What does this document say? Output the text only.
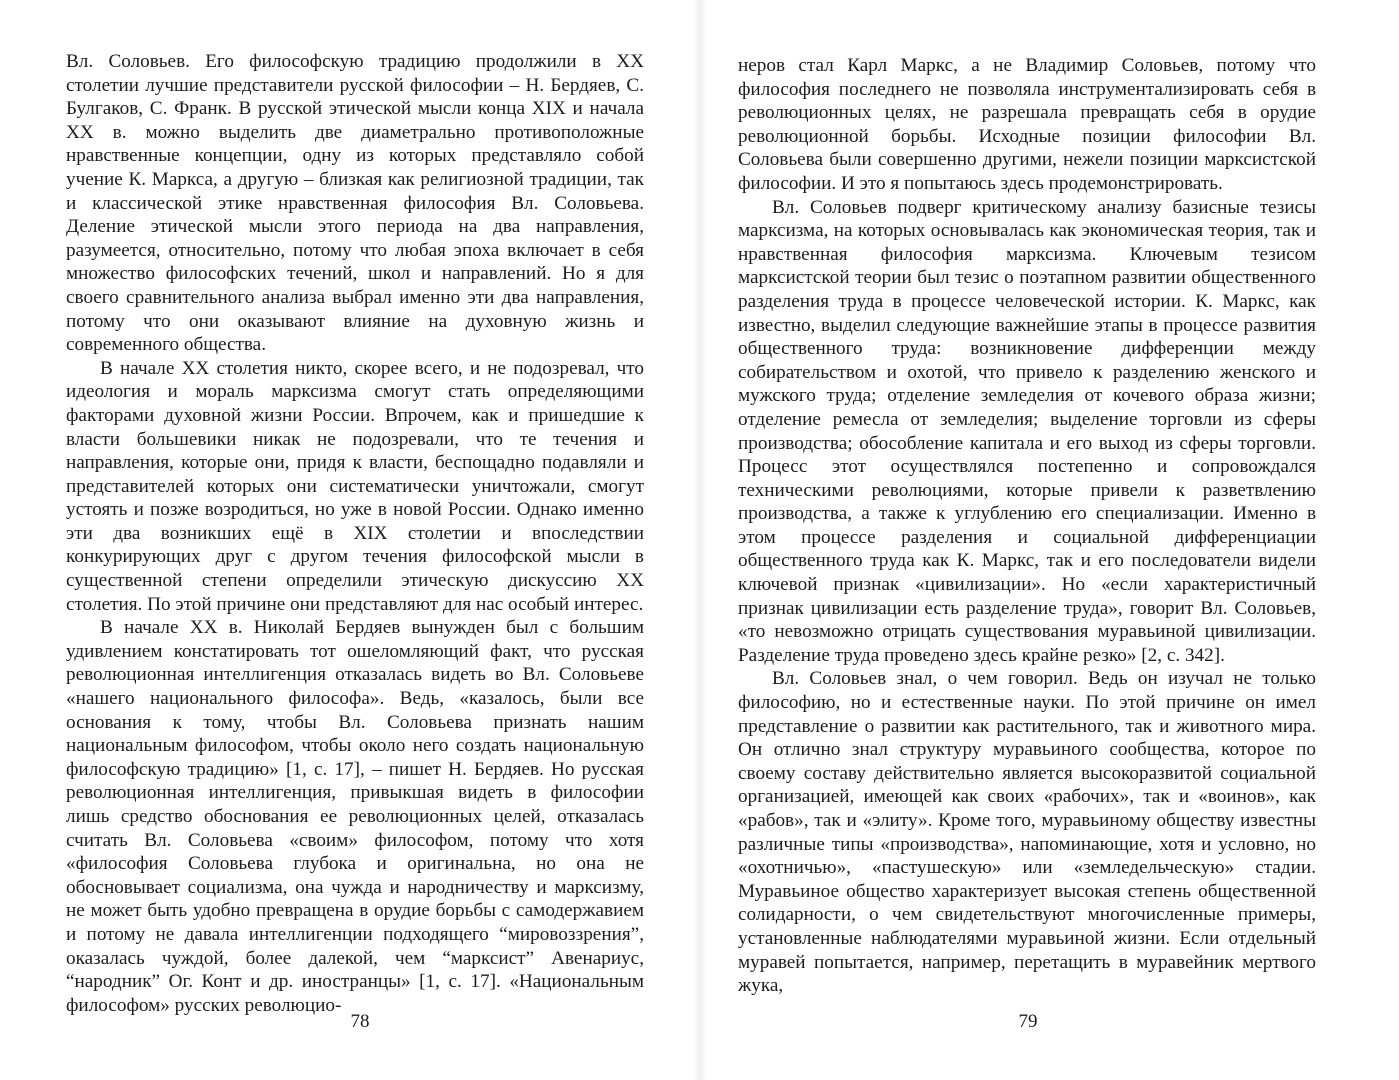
Вл. Соловьев. Его философскую традицию продолжили в XX столетии лучшие представители русской философии – Н. Бердяев, С. Булгаков, С. Франк. В русской этической мысли конца XIX и начала XX в. можно выделить две диаметрально противоположные нравственные концепции, одну из которых представляло собой учение К. Маркса, а другую – близкая как религиозной традиции, так и классической этике нравственная философия Вл. Соловьева. Деление этической мысли этого периода на два направления, разумеется, относительно, потому что любая эпоха включает в себя множество философских течений, школ и направлений. Но я для своего сравнительного анализа выбрал именно эти два направления, потому что они оказывают влияние на духовную жизнь и современного общества.

В начале XX столетия никто, скорее всего, и не подозревал, что идеология и мораль марксизма смогут стать определяющими факторами духовной жизни России. Впрочем, как и пришедшие к власти большевики никак не подозревали, что те течения и направления, которые они, придя к власти, беспощадно подавляли и представителей которых они систематически уничтожали, смогут устоять и позже возродиться, но уже в новой России. Однако именно эти два возникших ещё в XIX столетии и впоследствии конкурирующих друг с другом течения философской мысли в существенной степени определили этическую дискуссию XX столетия. По этой причине они представляют для нас особый интерес.

В начале XX в. Николай Бердяев вынужден был с большим удивлением констатировать тот ошеломляющий факт, что русская революционная интеллигенция отказалась видеть во Вл. Соловьеве «нашего национального философа». Ведь, «казалось, были все основания к тому, чтобы Вл. Соловьева признать нашим национальным философом, чтобы около него создать национальную философскую традицию» [1, с. 17], – пишет Н. Бердяев. Но русская революционная интеллигенция, привыкшая видеть в философии лишь средство обоснования ее революционных целей, отказалась считать Вл. Соловьева «своим» философом, потому что хотя «философия Соловьева глубока и оригинальна, но она не обосновывает социализма, она чужда и народничеству и марксизму, не может быть удобно превращена в орудие борьбы с самодержавием и потому не давала интеллигенции подходящего “мировоззрения”, оказалась чуждой, более далекой, чем “марксист” Авенариус, “народник” Ог. Конт и др. иностранцы» [1, с. 17]. «Национальным философом» русских революцио-

78

неров стал Карл Маркс, а не Владимир Соловьев, потому что философия последнего не позволяла инструментализировать себя в революционных целях, не разрешала превращать себя в орудие революционной борьбы. Исходные позиции философии Вл. Соловьева были совершенно другими, нежели позиции марксистской философии. И это я попытаюсь здесь продемонстрировать.

Вл. Соловьев подверг критическому анализу базисные тезисы марксизма, на которых основывалась как экономическая теория, так и нравственная философия марксизма. Ключевым тезисом марксистской теории был тезис о поэтапном развитии общественного разделения труда в процессе человеческой истории. К. Маркс, как известно, выделил следующие важнейшие этапы в процессе развития общественного труда: возникновение дифференции между собирательством и охотой, что привело к разделению женского и мужского труда; отделение земледелия от кочевого образа жизни; отделение ремесла от земледелия; выделение торговли из сферы производства; обособление капитала и его выход из сферы торговли. Процесс этот осуществлялся постепенно и сопровождался техническими революциями, которые привели к разветвлению производства, а также к углублению его специализации. Именно в этом процессе разделения и социальной дифференциации общественного труда как К. Маркс, так и его последователи видели ключевой признак «цивилизации». Но «если характеристичный признак цивилизации есть разделение труда», говорит Вл. Соловьев, «то невозможно отрицать существования муравьиной цивилизации. Разделение труда проведено здесь крайне резко» [2, с. 342].

Вл. Соловьев знал, о чем говорил. Ведь он изучал не только философию, но и естественные науки. По этой причине он имел представление о развитии как растительного, так и животного мира. Он отлично знал структуру муравьиного сообщества, которое по своему составу действительно является высокоразвитой социальной организацией, имеющей как своих «рабочих», так и «воинов», как «рабов», так и «элиту». Кроме того, муравьиному обществу известны различные типы «производства», напоминающие, хотя и условно, но «охотничью», «пастушескую» или «земледельческую» стадии. Муравьиное общество характеризует высокая степень общественной солидарности, о чем свидетельствуют многочисленные примеры, установленные наблюдателями муравьиной жизни. Если отдельный муравей попытается, например, перетащить в муравейник мертвого жука,

79
